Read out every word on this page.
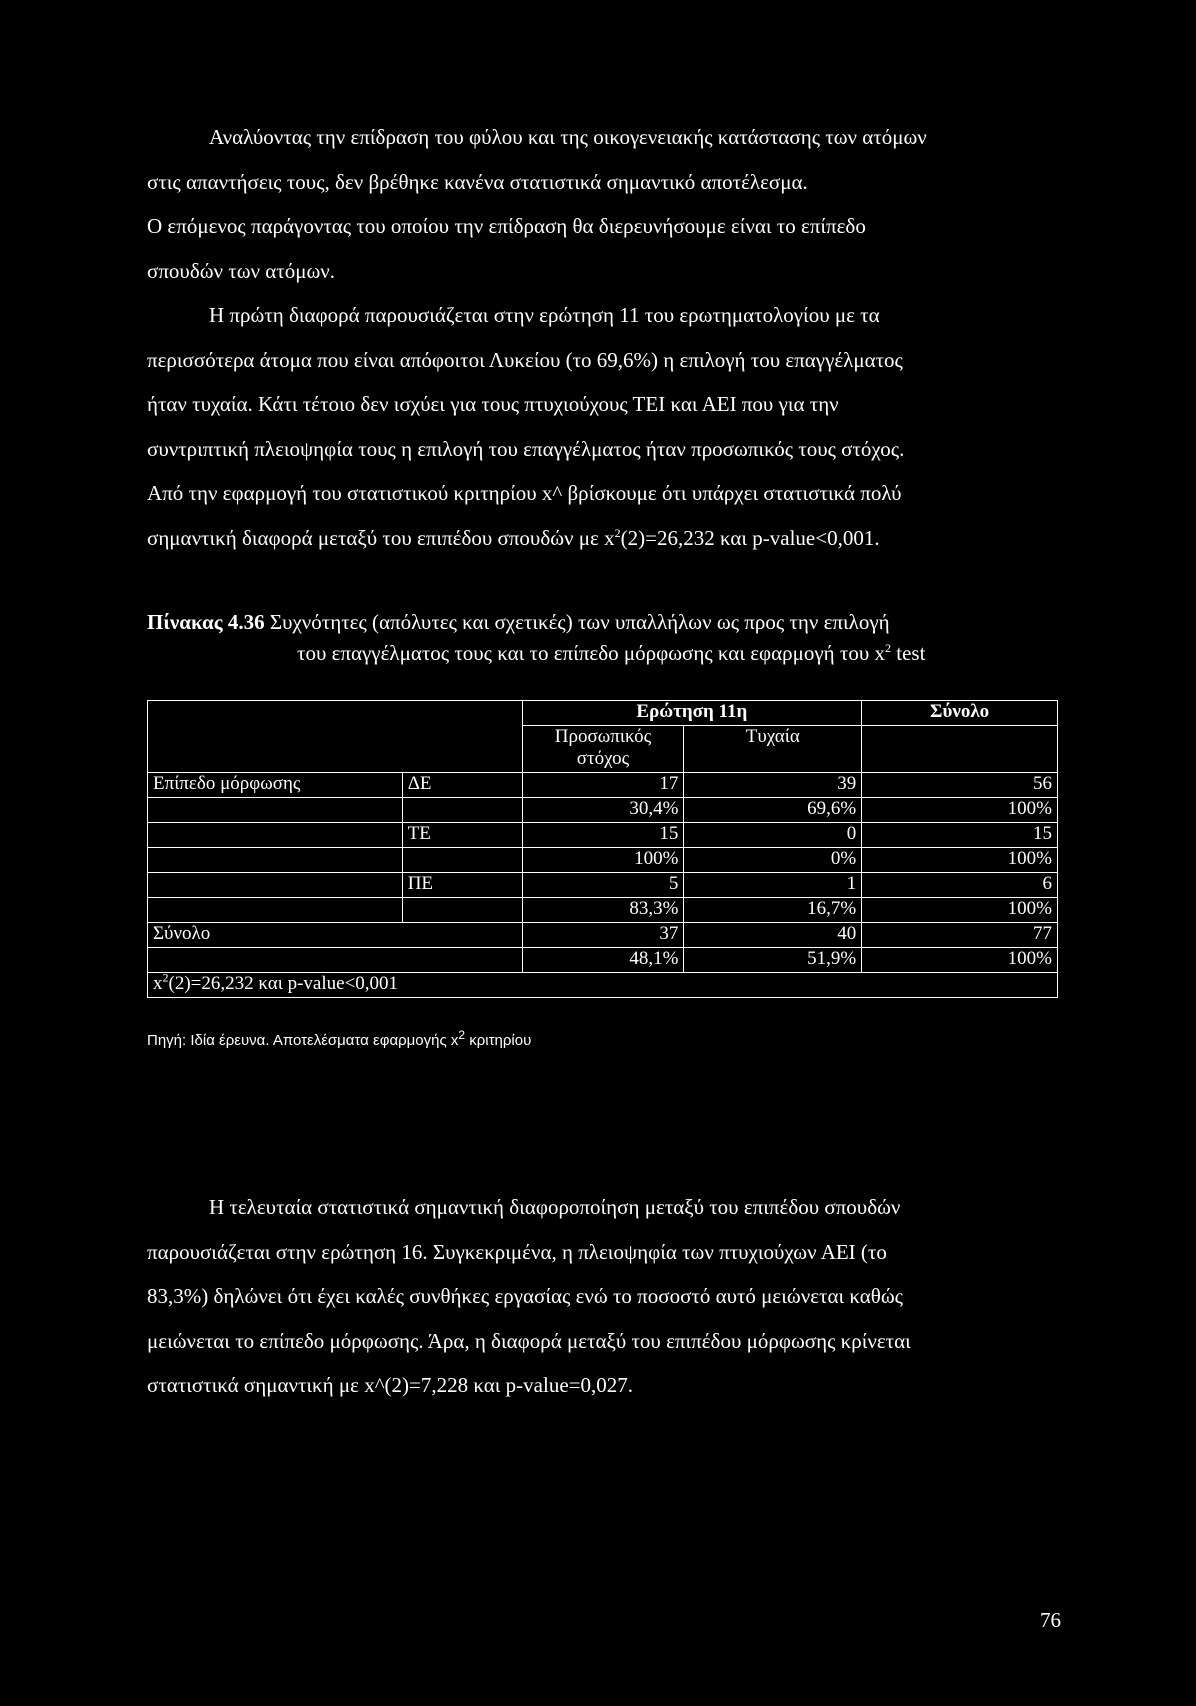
Αναλύοντας την επίδραση του φύλου και της οικογενειακής κατάστασης των ατόμων
στις απαντήσεις τους, δεν βρέθηκε κανένα στατιστικά σημαντικό αποτέλεσμα.
Ο επόμενος παράγοντας του οποίου την επίδραση θα διερευνήσουμε είναι το επίπεδο
σπουδών των ατόμων.
Η πρώτη διαφορά παρουσιάζεται στην ερώτηση 11 του ερωτηματολογίου με τα
περισσότερα άτομα που είναι απόφοιτοι Λυκείου (το 69,6%) η επιλογή του επαγγέλματος
ήταν τυχαία. Κάτι τέτοιο δεν ισχύει για τους πτυχιούχους ΤΕΙ και ΑΕΙ που για την
συντριπτική πλειοψηφία τους η επιλογή του επαγγέλματος ήταν προσωπικός τους στόχος.
Από την εφαρμογή του στατιστικού κριτηρίου x^ βρίσκουμε ότι υπάρχει στατιστικά πολύ
σημαντική διαφορά μεταξύ του επιπέδου σπουδών με $x^2(2)=26,232$ και p-value<0,001.
Πίνακας 4.36 Συχνότητες (απόλυτες και σχετικές) των υπαλλήλων ως προς την επιλογή
του επαγγέλματος τους και το επίπεδο μόρφωσης και εφαρμογή του $x^2$ test
		Ερώτηση 11η		Σύνολο
		Προσωπικός στόχος	Τυχαία	
Επίπεδο μόρφωσης	ΔΕ	17	39	56
		30,4%	69,6%	100%
	ΤΕ	15	0	15
		100%	0%	100%
	ΠΕ	5	1	6
		83,3%	16,7%	100%
Σύνολο		37	40	77
		48,1%	51,9%	100%
$x^2(2)=26,232$ και p-value<0,001				
Πηγή: Ιδία έρευνα. Αποτελέσματα εφαρμογής $x^2$ κριτηρίου
Η τελευταία στατιστικά σημαντική διαφοροποίηση μεταξύ του επιπέδου σπουδών
παρουσιάζεται στην ερώτηση 16. Συγκεκριμένα, η πλειοψηφία των πτυχιούχων ΑΕΙ (το
83,3%) δηλώνει ότι έχει καλές συνθήκες εργασίας ενώ το ποσοστό αυτό μειώνεται καθώς
μειώνεται το επίπεδο μόρφωσης. Άρα, η διαφορά μεταξύ του επιπέδου μόρφωσης κρίνεται
στατιστικά σημαντική με x^(2)=7,228 και p-value=0,027.
76
